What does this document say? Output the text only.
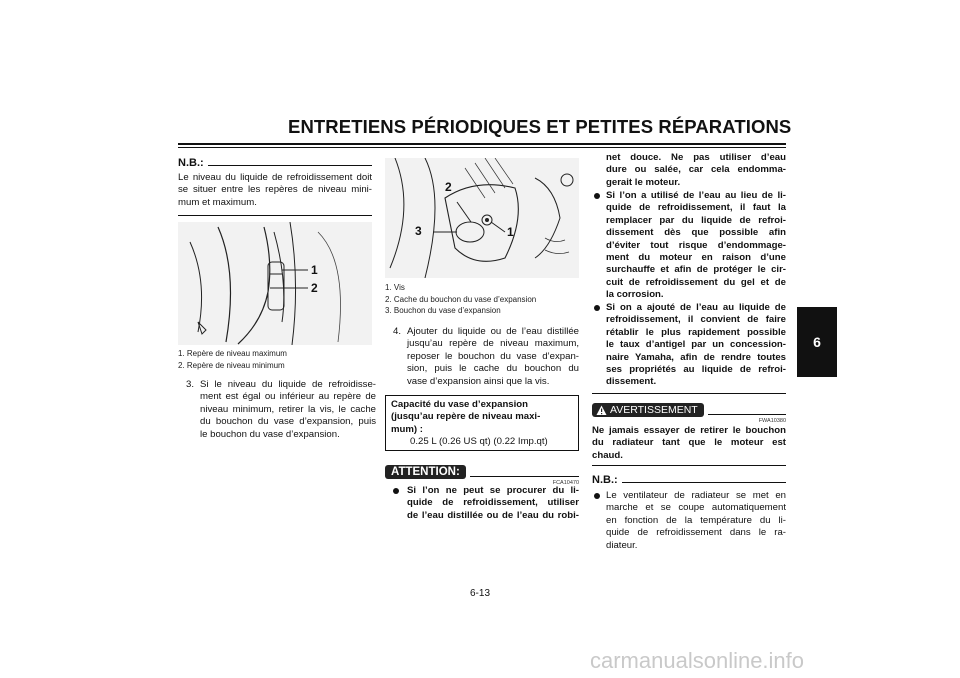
ENTRETIENS PÉRIODIQUES ET PETITES RÉPARATIONS
6
N.B.:
Le niveau du liquide de refroidissement doit
se situer entre les repères de niveau mini-
mum et maximum.
1
2
1. Repère de niveau maximum
2. Repère de niveau minimum
3. Si le niveau du liquide de refroidisse-
ment est égal ou inférieur au repère de
niveau minimum, retirer la vis, le cache
du bouchon du vase d’expansion, puis
le bouchon du vase d’expansion.
2
3	1
1. Vis
2. Cache du bouchon du vase d’expansion
3. Bouchon du vase d’expansion
4. Ajouter du liquide ou de l’eau distillée
jusqu’au repère de niveau maximum,
reposer le bouchon du vase d’expan-
sion, puis le cache du bouchon du
vase d’expansion ainsi que la vis.
Capacité du vase d’expansion
(jusqu’au repère de niveau maxi-
mum) :
0.25 L (0.26 US qt) (0.22 Imp.qt)
ATTENTION:
FCA10470
Si l’on ne peut se procurer du li-
quide de refroidissement, utiliser
de l’eau distillée ou de l’eau du robi-
net douce. Ne pas utiliser d’eau
dure ou salée, car cela endomma-
gerait le moteur.
Si l’on a utilisé de l’eau au lieu de li-
quide de refroidissement, il faut la
remplacer par du liquide de refroi-
dissement dès que possible afin
d’éviter tout risque d’endommage-
ment du moteur en raison d’une
surchauffe et afin de protéger le cir-
cuit de refroidissement du gel et de
la corrosion.
Si on a ajouté de l’eau au liquide de
refroidissement, il convient de faire
rétablir le plus rapidement possible
le taux d’antigel par un concession-
naire Yamaha, afin de rendre toutes
ses propriétés au liquide de refroi-
dissement.
AVERTISSEMENT
FWA10380
Ne jamais essayer de retirer le bouchon
du radiateur tant que le moteur est
chaud.
N.B.:
Le ventilateur de radiateur se met en
marche et se coupe automatiquement
en fonction de la température du li-
quide de refroidissement dans le ra-
diateur.
6-13
carmanualsonline.info
